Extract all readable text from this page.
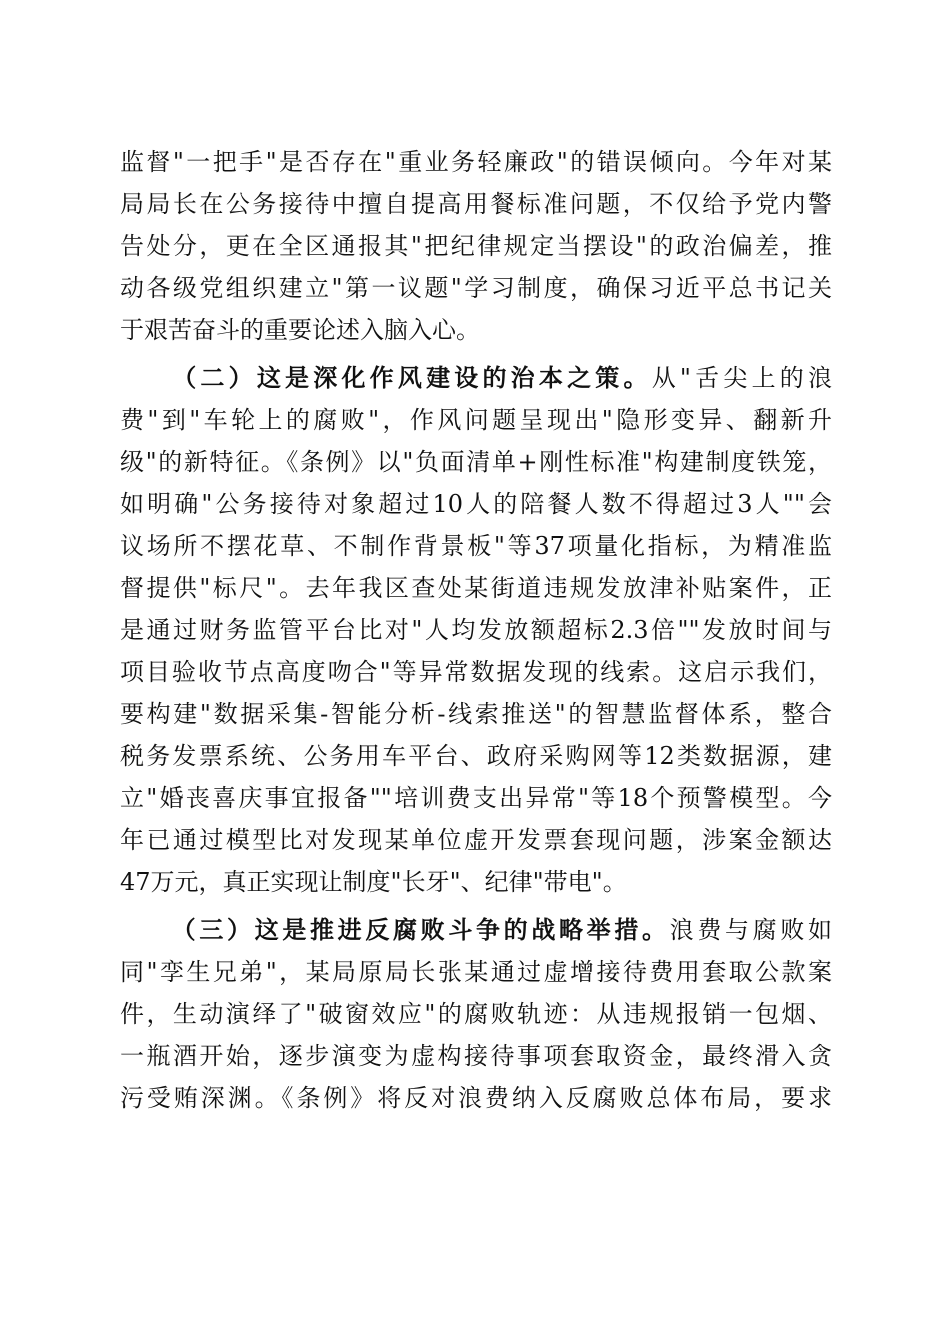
监督"一把手"是否存在"重业务轻廉政"的错误倾向。今年对某
局局长在公务接待中擅自提高用餐标准问题，不仅给予党内警
告处分，更在全区通报其"把纪律规定当摆设"的政治偏差，推
动各级党组织建立"第一议题"学习制度，确保习近平总书记关
于艰苦奋斗的重要论述入脑入心。
（二）这是深化作风建设的治本之策。从"舌尖上的浪
费"到"车轮上的腐败"，作风问题呈现出"隐形变异、翻新升
级"的新特征。《条例》以"负面清单+刚性标准"构建制度铁笼，
如明确"公务接待对象超过10人的陪餐人数不得超过3人""会
议场所不摆花草、不制作背景板"等37项量化指标，为精准监
督提供"标尺"。去年我区查处某街道违规发放津补贴案件，正
是通过财务监管平台比对"人均发放额超标2.3倍""发放时间与
项目验收节点高度吻合"等异常数据发现的线索。这启示我们，
要构建"数据采集-智能分析-线索推送"的智慧监督体系，整合
税务发票系统、公务用车平台、政府采购网等12类数据源，建
立"婚丧喜庆事宜报备""培训费支出异常"等18个预警模型。今
年已通过模型比对发现某单位虚开发票套现问题，涉案金额达
47万元，真正实现让制度"长牙"、纪律"带电"。
（三）这是推进反腐败斗争的战略举措。浪费与腐败如
同"孪生兄弟"，某局原局长张某通过虚增接待费用套取公款案
件，生动演绎了"破窗效应"的腐败轨迹：从违规报销一包烟、
一瓶酒开始，逐步演变为虚构接待事项套取资金，最终滑入贪
污受贿深渊。《条例》将反对浪费纳入反腐败总体布局，要求
